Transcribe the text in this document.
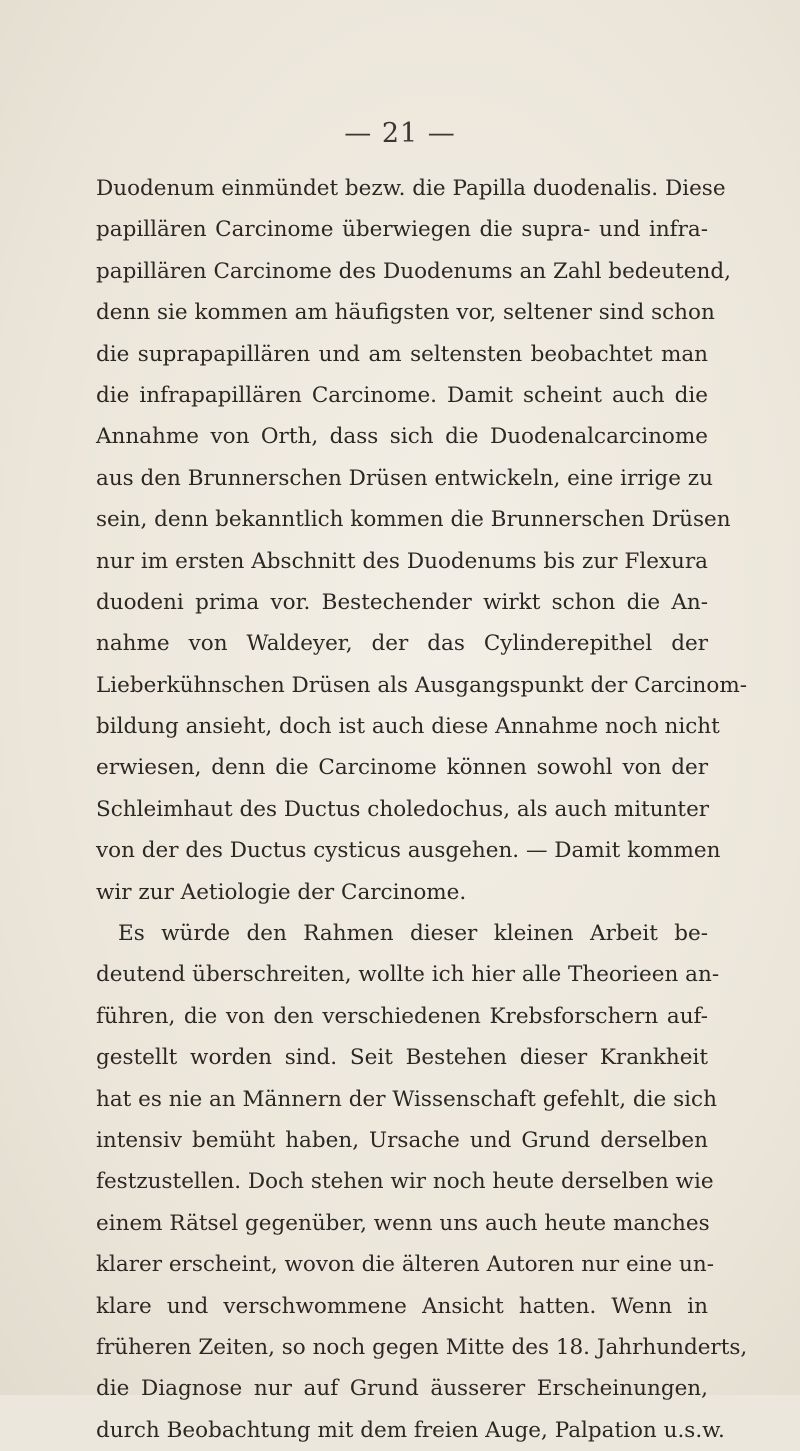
— 21 —
Duodenum einmündet bezw. die Papilla duodenalis. Diese
papillären Carcinome überwiegen die supra- und infra-
papillären Carcinome des Duodenums an Zahl bedeutend,
denn sie kommen am häufigsten vor, seltener sind schon
die suprapapillären und am seltensten beobachtet man
die infrapapillären Carcinome. Damit scheint auch die
Annahme von Orth, dass sich die Duodenalcarcinome
aus den Brunnerschen Drüsen entwickeln, eine irrige zu
sein, denn bekanntlich kommen die Brunnerschen Drüsen
nur im ersten Abschnitt des Duodenums bis zur Flexura
duodeni prima vor. Bestechender wirkt schon die An-
nahme von Waldeyer, der das Cylinderepithel der
Lieberkühnschen Drüsen als Ausgangspunkt der Carcinom-
bildung ansieht, doch ist auch diese Annahme noch nicht
erwiesen, denn die Carcinome können sowohl von der
Schleimhaut des Ductus choledochus, als auch mitunter
von der des Ductus cysticus ausgehen. — Damit kommen
wir zur Aetiologie der Carcinome.
Es würde den Rahmen dieser kleinen Arbeit be-
deutend überschreiten, wollte ich hier alle Theorieen an-
führen, die von den verschiedenen Krebsforschern auf-
gestellt worden sind. Seit Bestehen dieser Krankheit
hat es nie an Männern der Wissenschaft gefehlt, die sich
intensiv bemüht haben, Ursache und Grund derselben
festzustellen. Doch stehen wir noch heute derselben wie
einem Rätsel gegenüber, wenn uns auch heute manches
klarer erscheint, wovon die älteren Autoren nur eine un-
klare und verschwommene Ansicht hatten. Wenn in
früheren Zeiten, so noch gegen Mitte des 18. Jahrhunderts,
die Diagnose nur auf Grund äusserer Erscheinungen,
durch Beobachtung mit dem freien Auge, Palpation u.s.w.
